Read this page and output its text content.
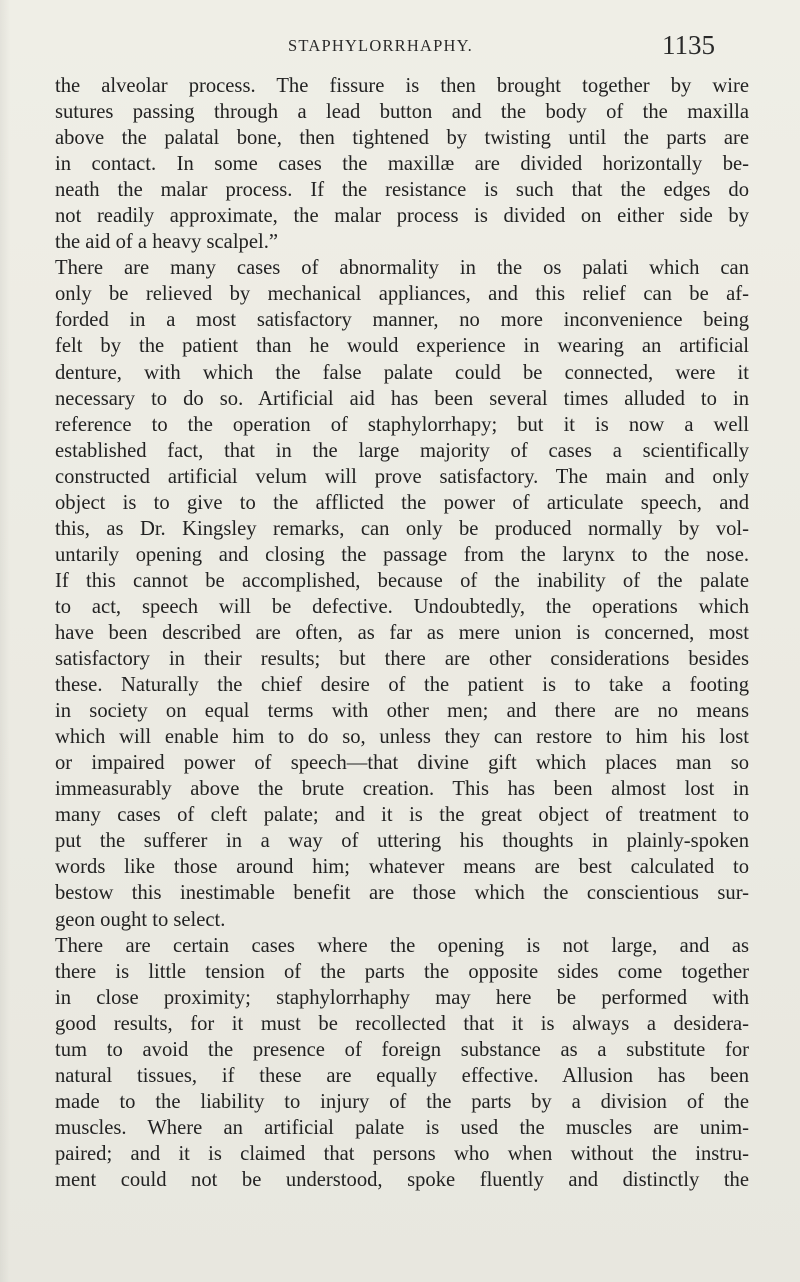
STAPHYLORRHAPHY.	1135
the alveolar process. The fissure is then brought together by wire
sutures passing through a lead button and the body of the maxilla
above the palatal bone, then tightened by twisting until the parts are
in contact. In some cases the maxillæ are divided horizontally be-
neath the malar process. If the resistance is such that the edges do
not readily approximate, the malar process is divided on either side by
the aid of a heavy scalpel.”
There are many cases of abnormality in the os palati which can
only be relieved by mechanical appliances, and this relief can be af-
forded in a most satisfactory manner, no more inconvenience being
felt by the patient than he would experience in wearing an artificial
denture, with which the false palate could be connected, were it
necessary to do so. Artificial aid has been several times alluded to in
reference to the operation of staphylorrhapy; but it is now a well
established fact, that in the large majority of cases a scientifically
constructed artificial velum will prove satisfactory. The main and only
object is to give to the afflicted the power of articulate speech, and
this, as Dr. Kingsley remarks, can only be produced normally by vol-
untarily opening and closing the passage from the larynx to the nose.
If this cannot be accomplished, because of the inability of the palate
to act, speech will be defective. Undoubtedly, the operations which
have been described are often, as far as mere union is concerned, most
satisfactory in their results; but there are other considerations besides
these. Naturally the chief desire of the patient is to take a footing
in society on equal terms with other men; and there are no means
which will enable him to do so, unless they can restore to him his lost
or impaired power of speech—that divine gift which places man so
immeasurably above the brute creation. This has been almost lost in
many cases of cleft palate; and it is the great object of treatment to
put the sufferer in a way of uttering his thoughts in plainly-spoken
words like those around him; whatever means are best calculated to
bestow this inestimable benefit are those which the conscientious sur-
geon ought to select.
There are certain cases where the opening is not large, and as
there is little tension of the parts the opposite sides come together
in close proximity; staphylorrhaphy may here be performed with
good results, for it must be recollected that it is always a desidera-
tum to avoid the presence of foreign substance as a substitute for
natural tissues, if these are equally effective. Allusion has been
made to the liability to injury of the parts by a division of the
muscles. Where an artificial palate is used the muscles are unim-
paired; and it is claimed that persons who when without the instru-
ment could not be understood, spoke fluently and distinctly the
